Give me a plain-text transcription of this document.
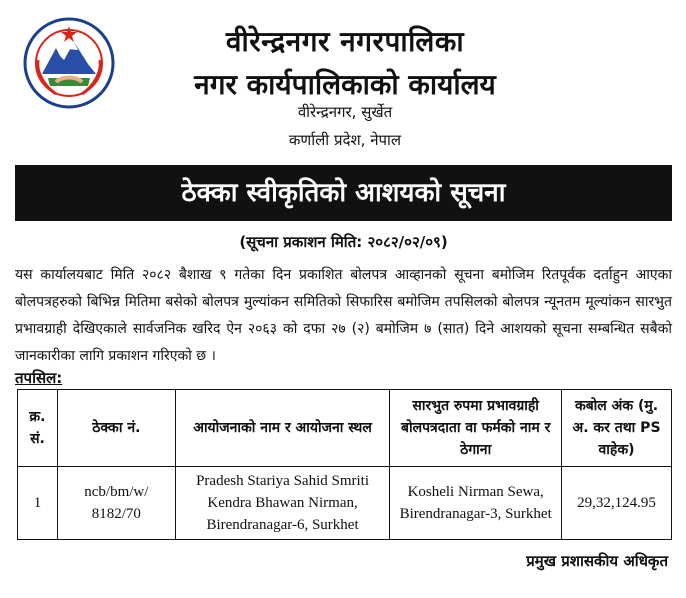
वीरेन्द्रनगर नगरपालिका
नगर कार्यपालिकाको कार्यालय
वीरेन्द्रनगर, सुर्खेत
कर्णाली प्रदेश, नेपाल
ठेक्का स्वीकृतिको आशयको सूचना
(सूचना प्रकाशन मिति: २०८२/०२/०९)
यस कार्यालयबाट मिति २०८२ बैशाख ९ गतेका दिन प्रकाशित बोलपत्र आव्हानको सूचना बमोजिम रितपूर्वक दर्ताहुन आएका बोलपत्रहरुको बिभिन्न मितिमा बसेको बोलपत्र मुल्यांकन समितिको सिफारिस बमोजिम तपसिलको बोलपत्र न्यूनतम मूल्यांकन सारभुत प्रभावग्राही देखिएकाले सार्वजनिक खरिद ऐन २०६३ को दफा २७ (२) बमोजिम ७ (सात) दिने आशयको सूचना सम्बन्धित सबैको जानकारीका लागि प्रकाशन गरिएको छ ।
तपसिल:
क्र. सं.	ठेक्का नं.	आयोजनाको नाम र आयोजना स्थल	सारभुत रुपमा प्रभावग्राही बोलपत्रदाता वा फर्मको नाम र ठेगाना	कबोल अंक (मु. अ. कर तथा PS वाहेक)
1	ncb/bm/w/ 8182/70	Pradesh Stariya Sahid Smriti Kendra Bhawan Nirman, Birendranagar-6, Surkhet	Kosheli Nirman Sewa, Birendranagar-3, Surkhet	29,32,124.95
प्रमुख प्रशासकीय अधिकृत
